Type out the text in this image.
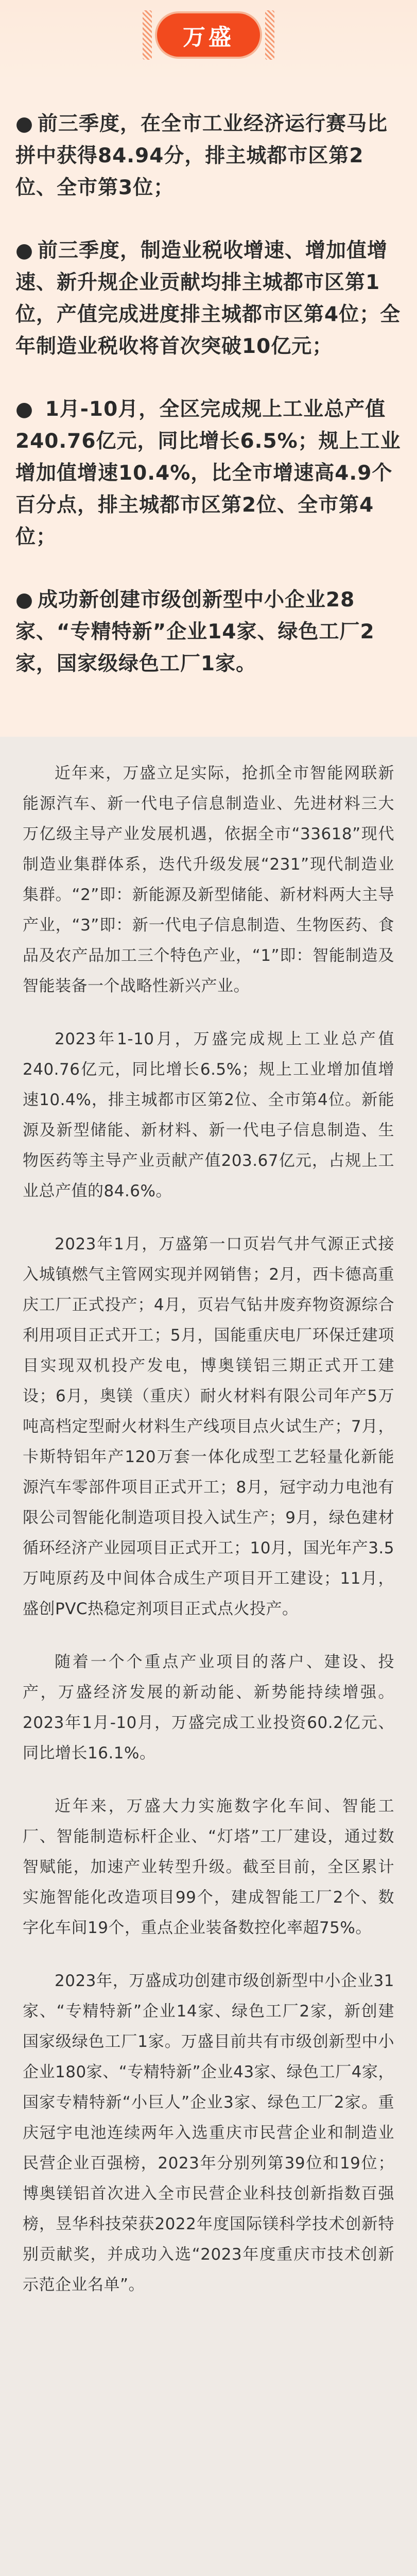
万盛
● 前三季度，在全市工业经济运行赛马比拼中获得84.94分，排主城都市区第2位、全市第3位；
● 前三季度，制造业税收增速、增加值增速、新升规企业贡献均排主城都市区第1位，产值完成进度排主城都市区第4位；全年制造业税收将首次突破10亿元；
● 1月-10月，全区完成规上工业总产值240.76亿元，同比增长6.5%；规上工业增加值增速10.4%，比全市增速高4.9个百分点，排主城都市区第2位、全市第4位；
● 成功新创建市级创新型中小企业28家、“专精特新”企业14家、绿色工厂2家，国家级绿色工厂1家。

近年来，万盛立足实际，抢抓全市智能网联新能源汽车、新一代电子信息制造业、先进材料三大万亿级主导产业发展机遇，依据全市“33618”现代制造业集群体系，迭代升级发展“231”现代制造业集群。“2”即：新能源及新型储能、新材料两大主导产业，“3”即：新一代电子信息制造、生物医药、食品及农产品加工三个特色产业，“1”即：智能制造及智能装备一个战略性新兴产业。

2023年1-10月，万盛完成规上工业总产值240.76亿元，同比增长6.5%；规上工业增加值增速10.4%，排主城都市区第2位、全市第4位。新能源及新型储能、新材料、新一代电子信息制造、生物医药等主导产业贡献产值203.67亿元，占规上工业总产值的84.6%。

2023年1月，万盛第一口页岩气井气源正式接入城镇燃气主管网实现并网销售；2月，西卡德高重庆工厂正式投产；4月，页岩气钻井废弃物资源综合利用项目正式开工；5月，国能重庆电厂环保迁建项目实现双机投产发电，博奥镁铝三期正式开工建设；6月，奥镁（重庆）耐火材料有限公司年产5万吨高档定型耐火材料生产线项目点火试生产；7月，卡斯特铝年产120万套一体化成型工艺轻量化新能源汽车零部件项目正式开工；8月，冠宇动力电池有限公司智能化制造项目投入试生产；9月，绿色建材循环经济产业园项目正式开工；10月，国光年产3.5万吨原药及中间体合成生产项目开工建设；11月，盛创PVC热稳定剂项目正式点火投产。

随着一个个重点产业项目的落户、建设、投产，万盛经济发展的新动能、新势能持续增强。2023年1月-10月，万盛完成工业投资60.2亿元、同比增长16.1%。

近年来，万盛大力实施数字化车间、智能工厂、智能制造标杆企业、“灯塔”工厂建设，通过数智赋能，加速产业转型升级。截至目前，全区累计实施智能化改造项目99个，建成智能工厂2个、数字化车间19个，重点企业装备数控化率超75%。

2023年，万盛成功创建市级创新型中小企业31家、“专精特新”企业14家、绿色工厂2家，新创建国家级绿色工厂1家。万盛目前共有市级创新型中小企业180家、“专精特新”企业43家、绿色工厂4家，国家专精特新“小巨人”企业3家、绿色工厂2家。重庆冠宇电池连续两年入选重庆市民营企业和制造业民营企业百强榜，2023年分别列第39位和19位；博奥镁铝首次进入全市民营企业科技创新指数百强榜，昱华科技荣获2022年度国际镁科学技术创新特别贡献奖，并成功入选“2023年度重庆市技术创新示范企业名单”。
